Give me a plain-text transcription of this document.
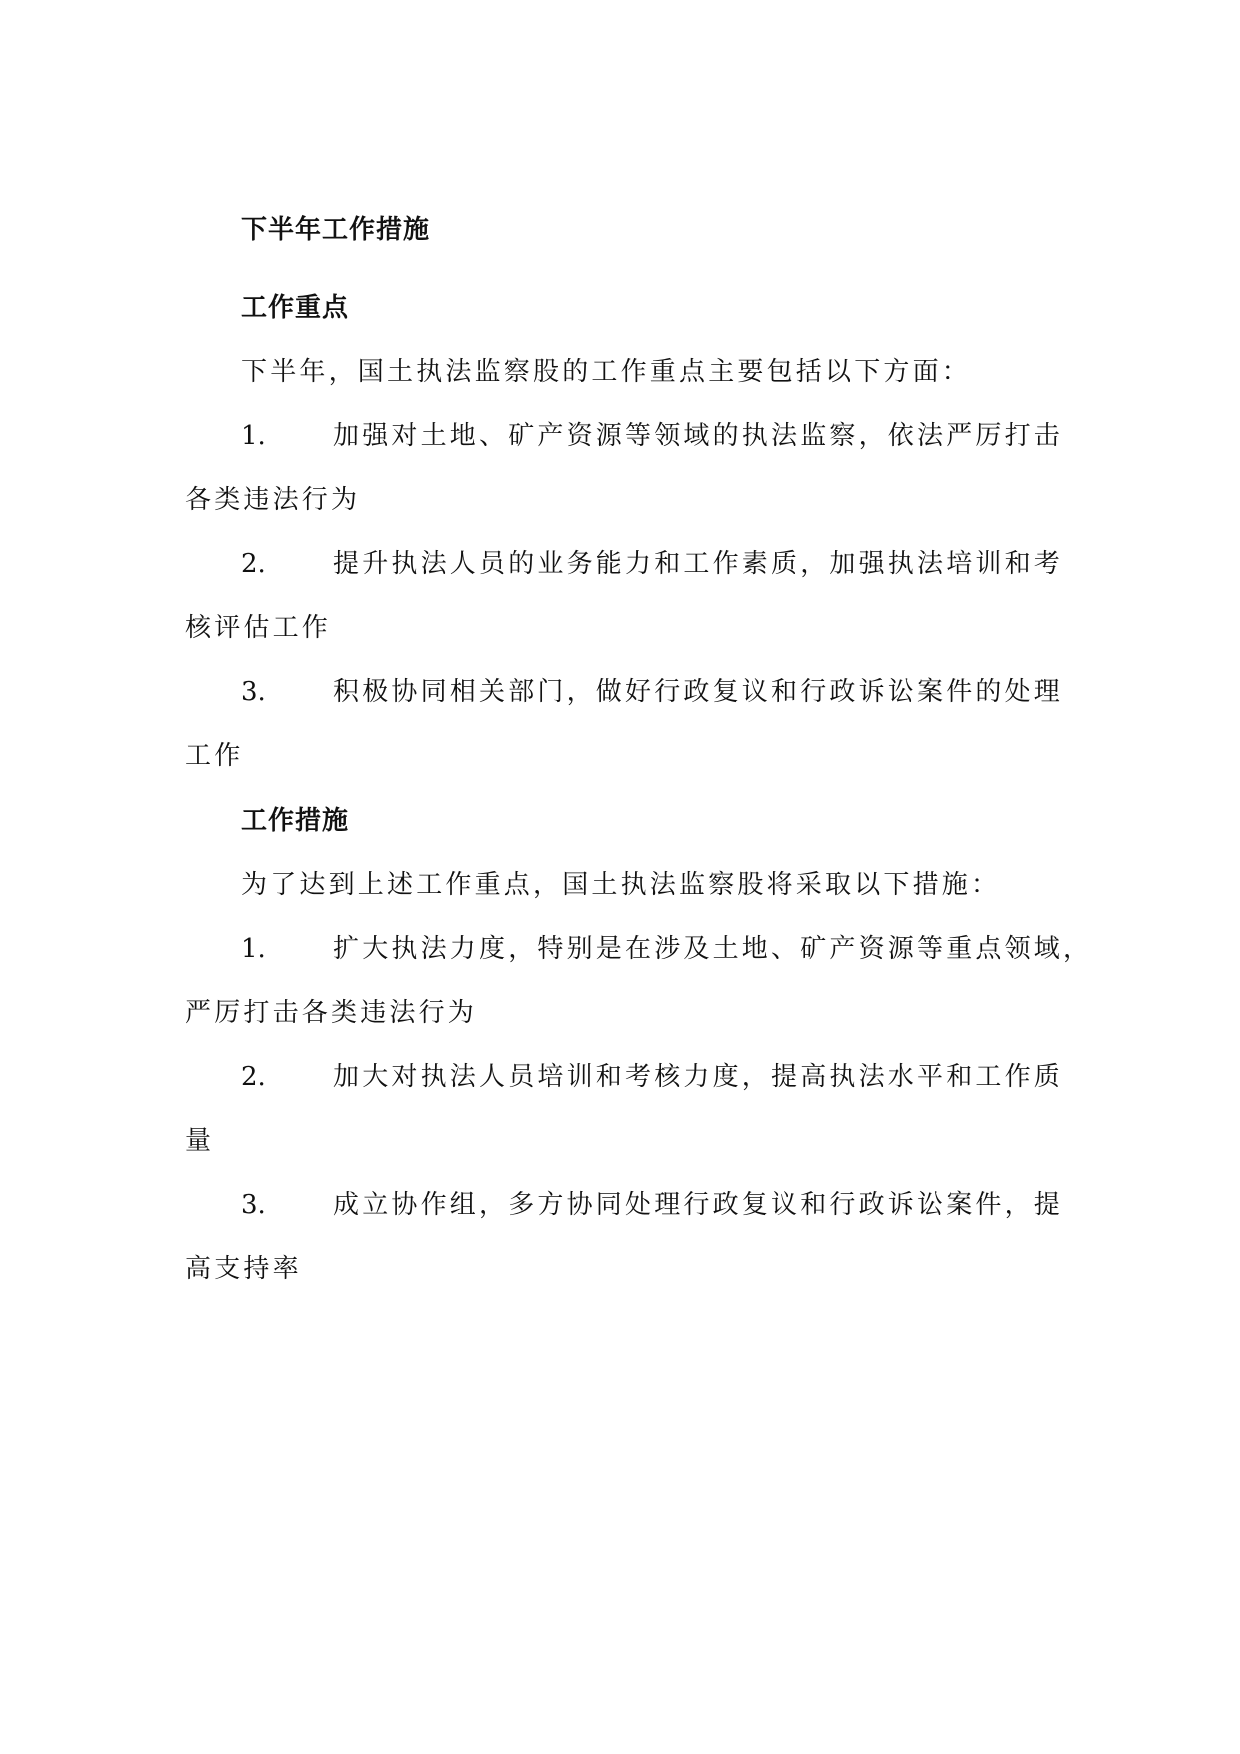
下半年工作措施
工作重点

下半年，国土执法监察股的工作重点主要包括以下方面：

1.	加强对土地、矿产资源等领域的执法监察，依法严厉打击
各类违法行为
2.	提升执法人员的业务能力和工作素质，加强执法培训和考
核评估工作
3.	积极协同相关部门，做好行政复议和行政诉讼案件的处理
工作
工作措施

为了达到上述工作重点，国土执法监察股将采取以下措施：

1.	扩大执法力度，特别是在涉及土地、矿产资源等重点领域，
严厉打击各类违法行为
2.	加大对执法人员培训和考核力度，提高执法水平和工作质
量
3.	成立协作组，多方协同处理行政复议和行政诉讼案件，提
高支持率
